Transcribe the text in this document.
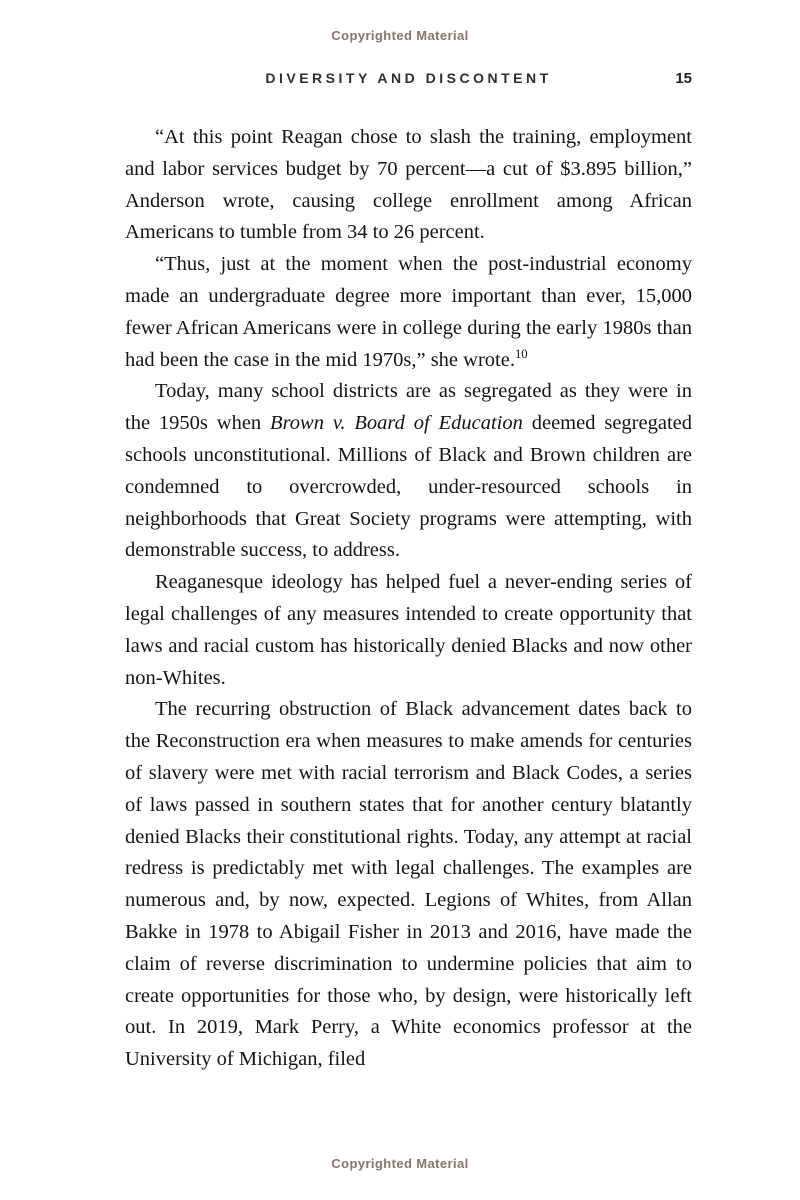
Copyrighted Material
DIVERSITY AND DISCONTENT	15

“At this point Reagan chose to slash the training, employment and labor services budget by 70 percent—a cut of $3.895 billion,” Anderson wrote, causing college enrollment among African Americans to tumble from 34 to 26 percent.

“Thus, just at the moment when the post-industrial economy made an undergraduate degree more important than ever, 15,000 fewer African Americans were in college during the early 1980s than had been the case in the mid 1970s,” she wrote.$^{10}$

Today, many school districts are as segregated as they were in the 1950s when Brown v. Board of Education deemed segregated schools unconstitutional. Millions of Black and Brown children are condemned to overcrowded, under-resourced schools in neighborhoods that Great Society programs were attempting, with demonstrable success, to address.

Reaganesque ideology has helped fuel a never-ending series of legal challenges of any measures intended to create opportunity that laws and racial custom has historically denied Blacks and now other non-Whites.

The recurring obstruction of Black advancement dates back to the Reconstruction era when measures to make amends for centuries of slavery were met with racial terrorism and Black Codes, a series of laws passed in southern states that for another century blatantly denied Blacks their constitutional rights. Today, any attempt at racial redress is predictably met with legal challenges. The examples are numerous and, by now, expected. Legions of Whites, from Allan Bakke in 1978 to Abigail Fisher in 2013 and 2016, have made the claim of reverse discrimination to undermine policies that aim to create opportunities for those who, by design, were historically left out. In 2019, Mark Perry, a White economics professor at the University of Michigan, filed

Copyrighted Material
